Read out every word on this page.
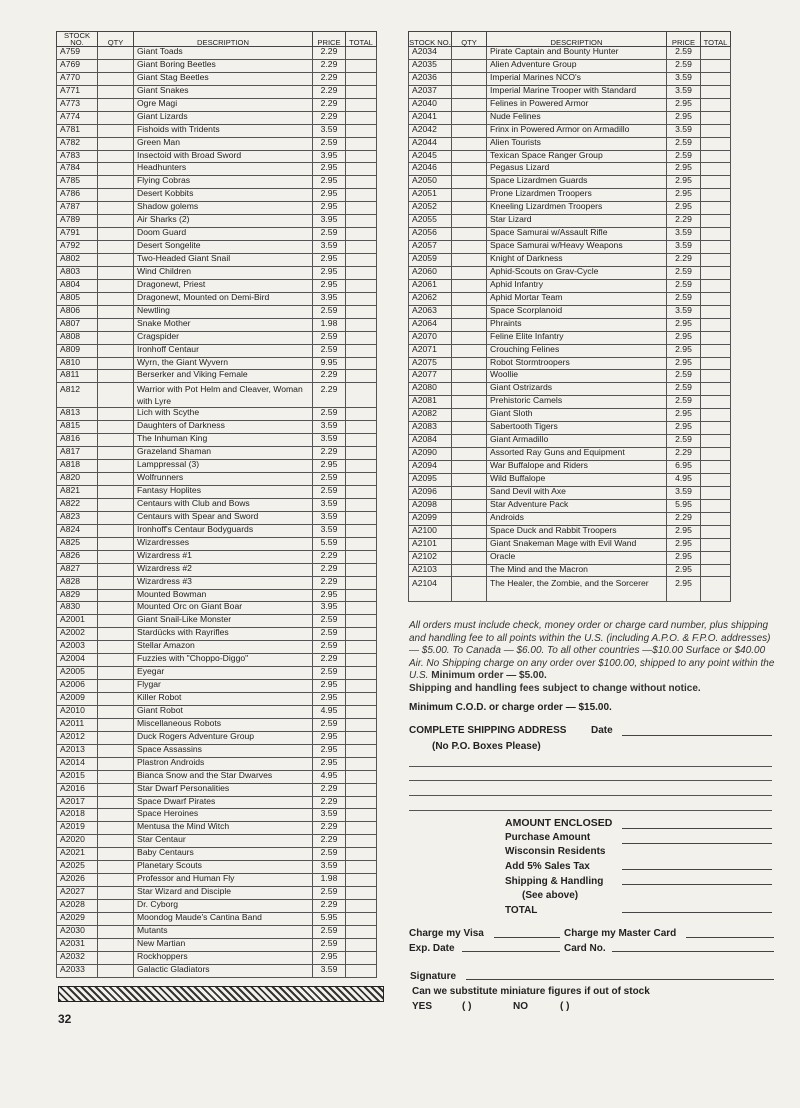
STOCK NO.	QTY	DESCRIPTION	PRICE	TOTAL
A759		Giant Toads	2.29	
A769		Giant Boring Beetles	2.29	
A770		Giant Stag Beetles	2.29	
A771		Giant Snakes	2.29	
A773		Ogre Magi	2.29	
A774		Giant Lizards	2.29	
A781		Fishoids with Tridents	3.59	
A782		Green Man	2.59	
A783		Insectoid with Broad Sword	3.95	
A784		Headhunters	2.95	
A785		Flying Cobras	2.95	
A786		Desert Kobbits	2.95	
A787		Shadow golems	2.95	
A789		Air Sharks (2)	3.95	
A791		Doom Guard	2.59	
A792		Desert Songelite	3.59	
A802		Two-Headed Giant Snail	2.95	
A803		Wind Children	2.95	
A804		Dragonewt, Priest	2.95	
A805		Dragonewt, Mounted on Demi-Bird	3.95	
A806		Newtling	2.59	
A807		Snake Mother	1.98	
A808		Cragspider	2.59	
A809		Ironhoff Centaur	2.59	
A810		Wyrn, the Giant Wyvern	9.95	
A811		Berserker and Viking Female	2.29	
A812		Warrior with Pot Helm and Cleaver, Woman with Lyre	2.29	
A813		Lich with Scythe	2.59	
A815		Daughters of Darkness	3.59	
A816		The Inhuman King	3.59	
A817		Grazeland Shaman	2.29	
A818		Lamppressal (3)	2.95	
A820		Wolfrunners	2.59	
A821		Fantasy Hoplites	2.59	
A822		Centaurs with Club and Bows	3.59	
A823		Centaurs with Spear and Sword	3.59	
A824		Ironhoff's Centaur Bodyguards	3.59	
A825		Wizardresses	5.59	
A826		Wizardress #1	2.29	
A827		Wizardress #2	2.29	
A828		Wizardress #3	2.29	
A829		Mounted Bowman	2.95	
A830		Mounted Orc on Giant Boar	3.95	
A2001		Giant Snail-Like Monster	2.59	
A2002		Stardücks with Rayrifles	2.59	
A2003		Stellar Amazon	2.59	
A2004		Fuzzies with "Choppo-Diggo"	2.29	
A2005		Eyegar	2.59	
A2006		Flygar	2.95	
A2009		Killer Robot	2.95	
A2010		Giant Robot	4.95	
A2011		Miscellaneous Robots	2.59	
A2012		Duck Rogers Adventure Group	2.95	
A2013		Space Assassins	2.95	
A2014		Plastron Androids	2.95	
A2015		Bianca Snow and the Star Dwarves	4.95	
A2016		Star Dwarf Personalities	2.29	
A2017		Space Dwarf Pirates	2.29	
A2018		Space Heroines	3.59	
A2019		Mentusa the Mind Witch	2.29	
A2020		Star Centaur	2.29	
A2021		Baby Centaurs	2.59	
A2025		Planetary Scouts	3.59	
A2026		Professor and Human Fly	1.98	
A2027		Star Wizard and Disciple	2.59	
A2028		Dr. Cyborg	2.29	
A2029		Moondog Maude's Cantina Band	5.95	
A2030		Mutants	2.59	
A2031		New Martian	2.59	
A2032		Rockhoppers	2.95	
A2033		Galactic Gladiators	3.59	
STOCK NO.	QTY	DESCRIPTION	PRICE	TOTAL
A2034		Pirate Captain and Bounty Hunter	2.59	
A2035		Alien Adventure Group	2.59	
A2036		Imperial Marines NCO's	3.59	
A2037		Imperial Marine Trooper with Standard	3.59	
A2040		Felines in Powered Armor	2.95	
A2041		Nude Felines	2.95	
A2042		Frinx in Powered Armor on Armadillo	3.59	
A2044		Alien Tourists	2.59	
A2045		Texican Space Ranger Group	2.59	
A2046		Pegasus Lizard	2.95	
A2050		Space Lizardmen Guards	2.95	
A2051		Prone Lizardmen Troopers	2.95	
A2052		Kneeling Lizardmen Troopers	2.95	
A2055		Star Lizard	2.29	
A2056		Space Samurai w/Assault Rifle	3.59	
A2057		Space Samurai w/Heavy Weapons	3.59	
A2059		Knight of Darkness	2.29	
A2060		Aphid-Scouts on Grav-Cycle	2.59	
A2061		Aphid Infantry	2.59	
A2062		Aphid Mortar Team	2.59	
A2063		Space Scorplanoid	3.59	
A2064		Phraints	2.95	
A2070		Feline Elite Infantry	2.95	
A2071		Crouching Felines	2.95	
A2075		Robot Stormtroopers	2.95	
A2077		Woollie	2.59	
A2080		Giant Ostrizards	2.59	
A2081		Prehistoric Camels	2.59	
A2082		Giant Sloth	2.95	
A2083		Sabertooth Tigers	2.95	
A2084		Giant Armadillo	2.59	
A2090		Assorted Ray Guns and Equipment	2.29	
A2094		War Buffalope and Riders	6.95	
A2095		Wild Buffalope	4.95	
A2096		Sand Devil with Axe	3.59	
A2098		Star Adventure Pack	5.95	
A2099		Androids	2.29	
A2100		Space Duck and Rabbit Troopers	2.95	
A2101		Giant Snakeman Mage with Evil Wand	2.95	
A2102		Oracle	2.95	
A2103		The Mind and the Macron	2.95	
A2104		The Healer, the Zombie, and the Sorcerer	2.95	
All orders must include check, money order or charge card number, plus shipping and handling fee to all points within the U.S. (including A.P.O. & F.P.O. addresses) — $5.00. To Canada — $6.00. To all other countries —$10.00 Surface or $40.00 Air. No Shipping charge on any order over $100.00, shipped to any point within the U.S. Minimum order — $5.00.
Shipping and handling fees subject to change without notice.
Minimum C.O.D. or charge order — $15.00.
COMPLETE SHIPPING ADDRESS Date
(No P.O. Boxes Please)
AMOUNT ENCLOSED
Purchase Amount
Wisconsin Residents
Add 5% Sales Tax
Shipping & Handling
(See above)
TOTAL
Charge my Visa	Charge my Master Card
Exp. Date	Card No.
Signature
Can we substitute miniature figures if out of stock
YES	( )	NO	( )
32
